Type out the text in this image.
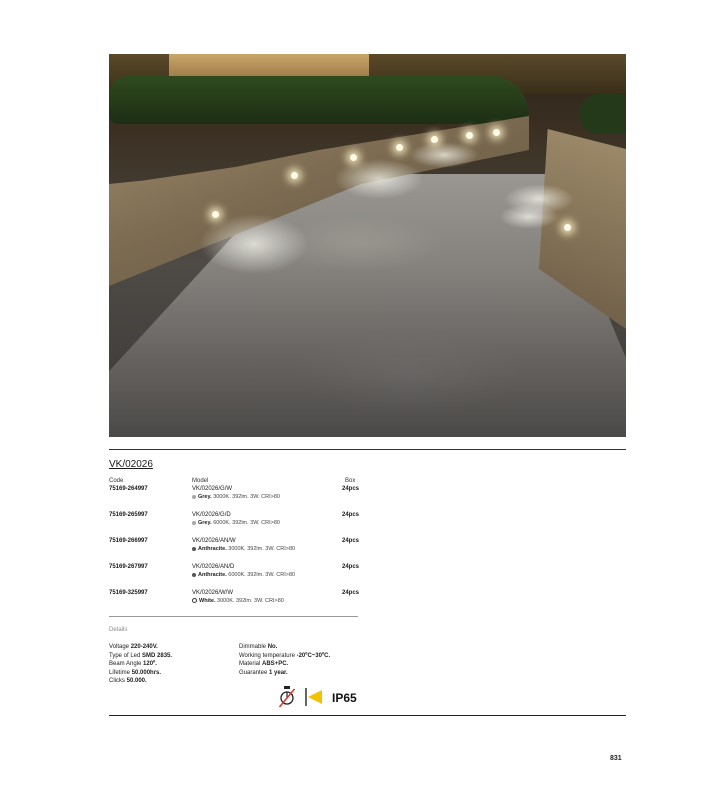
VK/02026
Code	Model	Box
75169-264997	VK/02026/G/W
Grey. 3000K. 392lm. 3W. CRI>80
24pcs
75169-265997	VK/02026/G/D
Grey. 6000K. 392lm. 3W. CRI>80
24pcs
75169-266997	VK/02026/AN/W
Anthracite. 3000K. 392lm. 3W. CRI>80
24pcs
75169-267997	VK/02026/AN/D
Anthracite. 6000K. 392lm. 3W. CRI>80
24pcs
75169-325997	VK/02026/W/W
White. 3000K. 392lm. 3W. CRI>80
24pcs
Details
Voltage 220-240V.
Type of Led SMD 2835.
Beam Angle 120º.
Lifetime 50.000hrs.
Clicks 50.000.
Dimmable No.
Working temperature -20ºC~30ºC.
Material ABS+PC.
Guarantee 1 year.
IP65
831
